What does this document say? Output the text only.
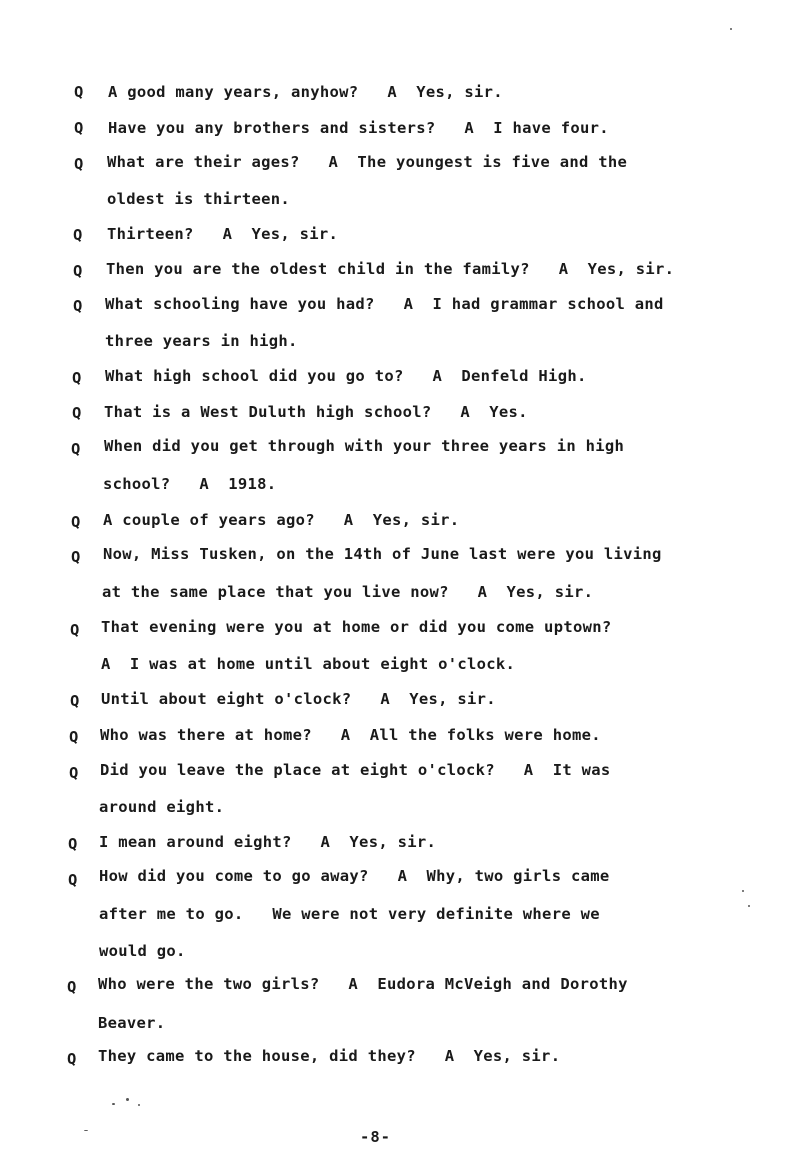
Q A good many years, anyhow?   A  Yes, sir.
Q Have you any brothers and sisters?   A  I have four.
Q What are their ages?   A  The youngest is five and the
oldest is thirteen.
Q Thirteen?   A  Yes, sir.
Q Then you are the oldest child in the family?   A  Yes, sir.
Q What schooling have you had?   A  I had grammar school and
three years in high.
Q What high school did you go to?   A  Denfeld High.
Q That is a West Duluth high school?   A  Yes.
Q When did you get through with your three years in high
school?   A  1918.
Q A couple of years ago?   A  Yes, sir.
Q Now, Miss Tusken, on the 14th of June last were you living
at the same place that you live now?   A  Yes, sir.
Q That evening were you at home or did you come uptown?
A  I was at home until about eight o'clock.
Q Until about eight o'clock?   A  Yes, sir.
Q Who was there at home?   A  All the folks were home.
Q Did you leave the place at eight o'clock?   A  It was
around eight.
Q I mean around eight?   A  Yes, sir.
Q How did you come to go away?   A  Why, two girls came
after me to go.   We were not very definite where we
would go.
Q Who were the two girls?   A  Eudora McVeigh and Dorothy
Beaver.
Q They came to the house, did they?   A  Yes, sir.
-8-
